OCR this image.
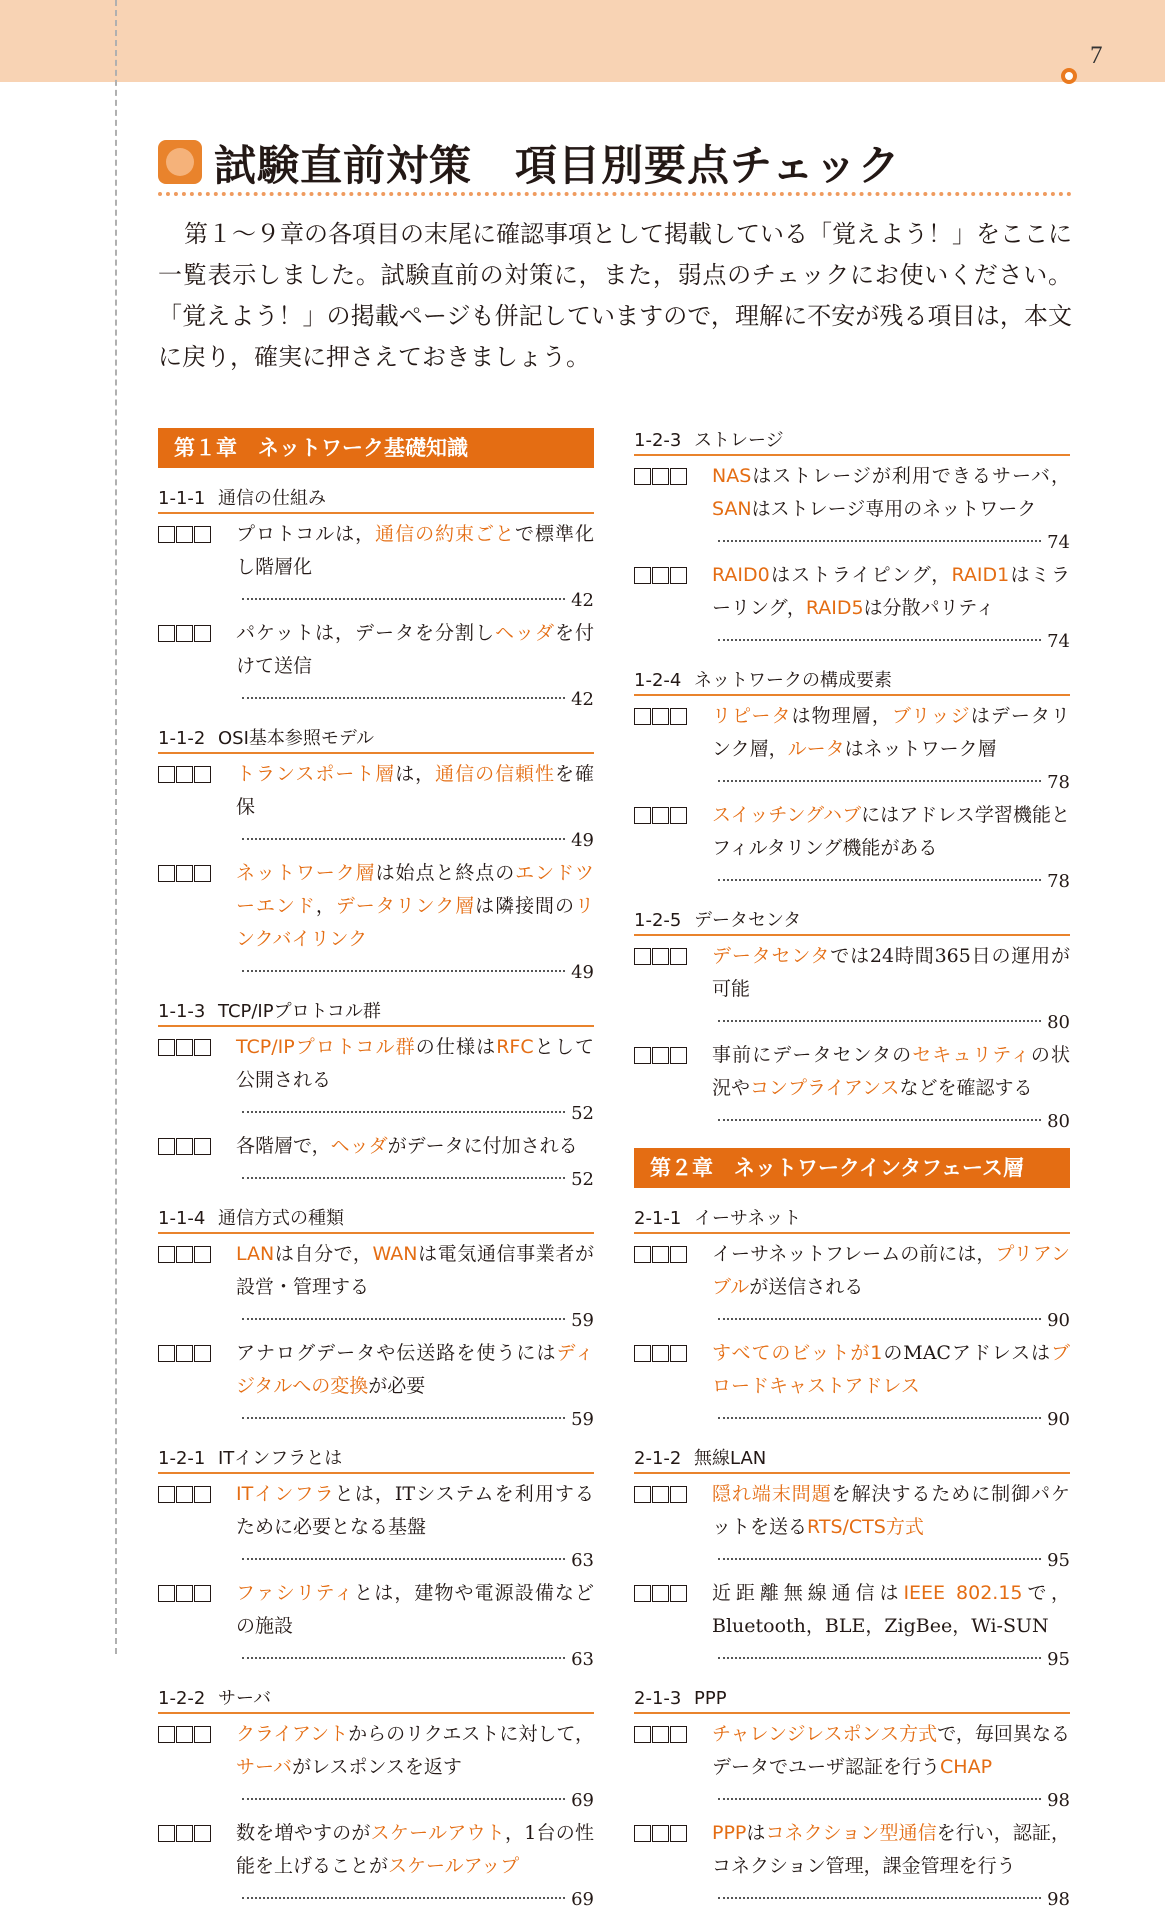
7
試験直前対策　項目別要点チェック

第１～９章の各項目の末尾に確認事項として掲載している「覚えよう！」をここに一覧表示しました。試験直前の対策に，また，弱点のチェックにお使いください。「覚えよう！」の掲載ページも併記していますので，理解に不安が残る項目は，本文に戻り，確実に押さえておきましょう。

第１章　ネットワーク基礎知識
1-1-1 通信の仕組み
プロトコルは，通信の約束ごとで標準化し階層化
42
パケットは，データを分割しヘッダを付けて送信
42
1-1-2 OSI基本参照モデル
トランスポート層は，通信の信頼性を確保
49
ネットワーク層は始点と終点のエンドツーエンド，データリンク層は隣接間のリンクバイリンク
49
1-1-3 TCP/IPプロトコル群
TCP/IPプロトコル群の仕様はRFCとして公開される
52
各階層で，ヘッダがデータに付加される
52
1-1-4 通信方式の種類
LANは自分で，WANは電気通信事業者が設営・管理する
59
アナログデータや伝送路を使うにはディジタルへの変換が必要
59
1-2-1 ITインフラとは
ITインフラとは，ITシステムを利用するために必要となる基盤
63
ファシリティとは，建物や電源設備などの施設
63
1-2-2 サーバ
クライアントからのリクエストに対して，サーバがレスポンスを返す
69
数を増やすのがスケールアウト，1台の性能を上げることがスケールアップ
69
1-2-3 ストレージ
NASはストレージが利用できるサーバ，SANはストレージ専用のネットワーク
74
RAID0はストライピング，RAID1はミラーリング，RAID5は分散パリティ
74
1-2-4 ネットワークの構成要素
リピータは物理層，ブリッジはデータリンク層，ルータはネットワーク層
78
スイッチングハブにはアドレス学習機能とフィルタリング機能がある
78
1-2-5 データセンタ
データセンタでは24時間365日の運用が可能
80
事前にデータセンタのセキュリティの状況やコンプライアンスなどを確認する
80
第２章　ネットワークインタフェース層
2-1-1 イーサネット
イーサネットフレームの前には，プリアンブルが送信される
90
すべてのビットが1のMACアドレスはブロードキャストアドレス
90
2-1-2 無線LAN
隠れ端末問題を解決するために制御パケットを送るRTS/CTS方式
95
近距離無線通信はIEEE 802.15で，Bluetooth，BLE，ZigBee，Wi-SUN
95
2-1-3 PPP
チャレンジレスポンス方式で，毎回異なるデータでユーザ認証を行うCHAP
98
PPPはコネクション型通信を行い，認証，コネクション管理，課金管理を行う
98
